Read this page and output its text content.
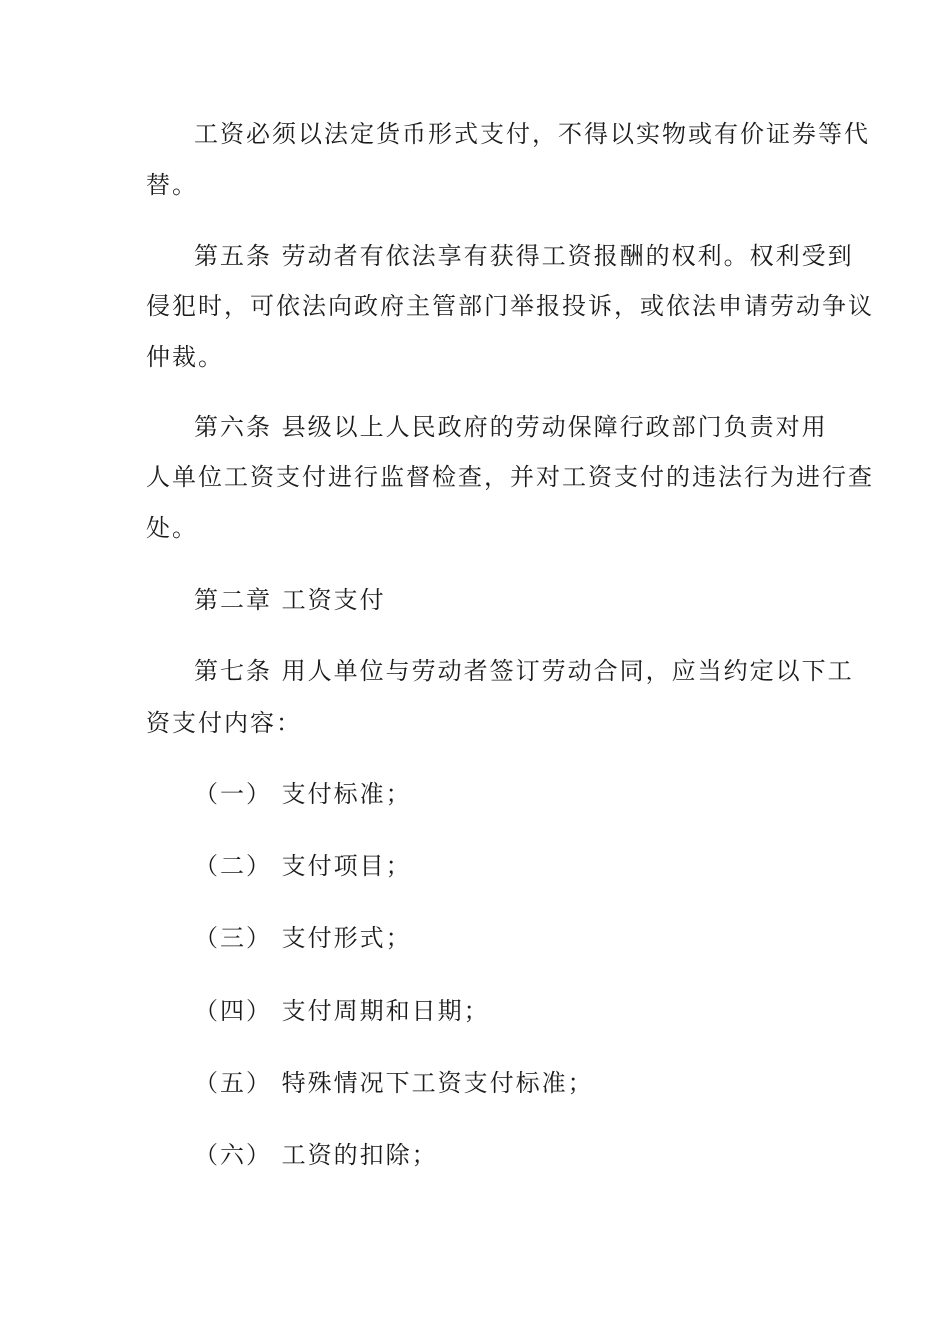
工资必须以法定货币形式支付，不得以实物或有价证券等代

替。

第五条 劳动者有依法享有获得工资报酬的权利。权利受到

侵犯时，可依法向政府主管部门举报投诉，或依法申请劳动争议

仲裁。

第六条 县级以上人民政府的劳动保障行政部门负责对用

人单位工资支付进行监督检查，并对工资支付的违法行为进行查

处。

第二章 工资支付

第七条 用人单位与劳动者签订劳动合同，应当约定以下工

资支付内容：

（一） 支付标准；

（二） 支付项目；

（三） 支付形式；

（四） 支付周期和日期；

（五） 特殊情况下工资支付标准；

（六） 工资的扣除；
